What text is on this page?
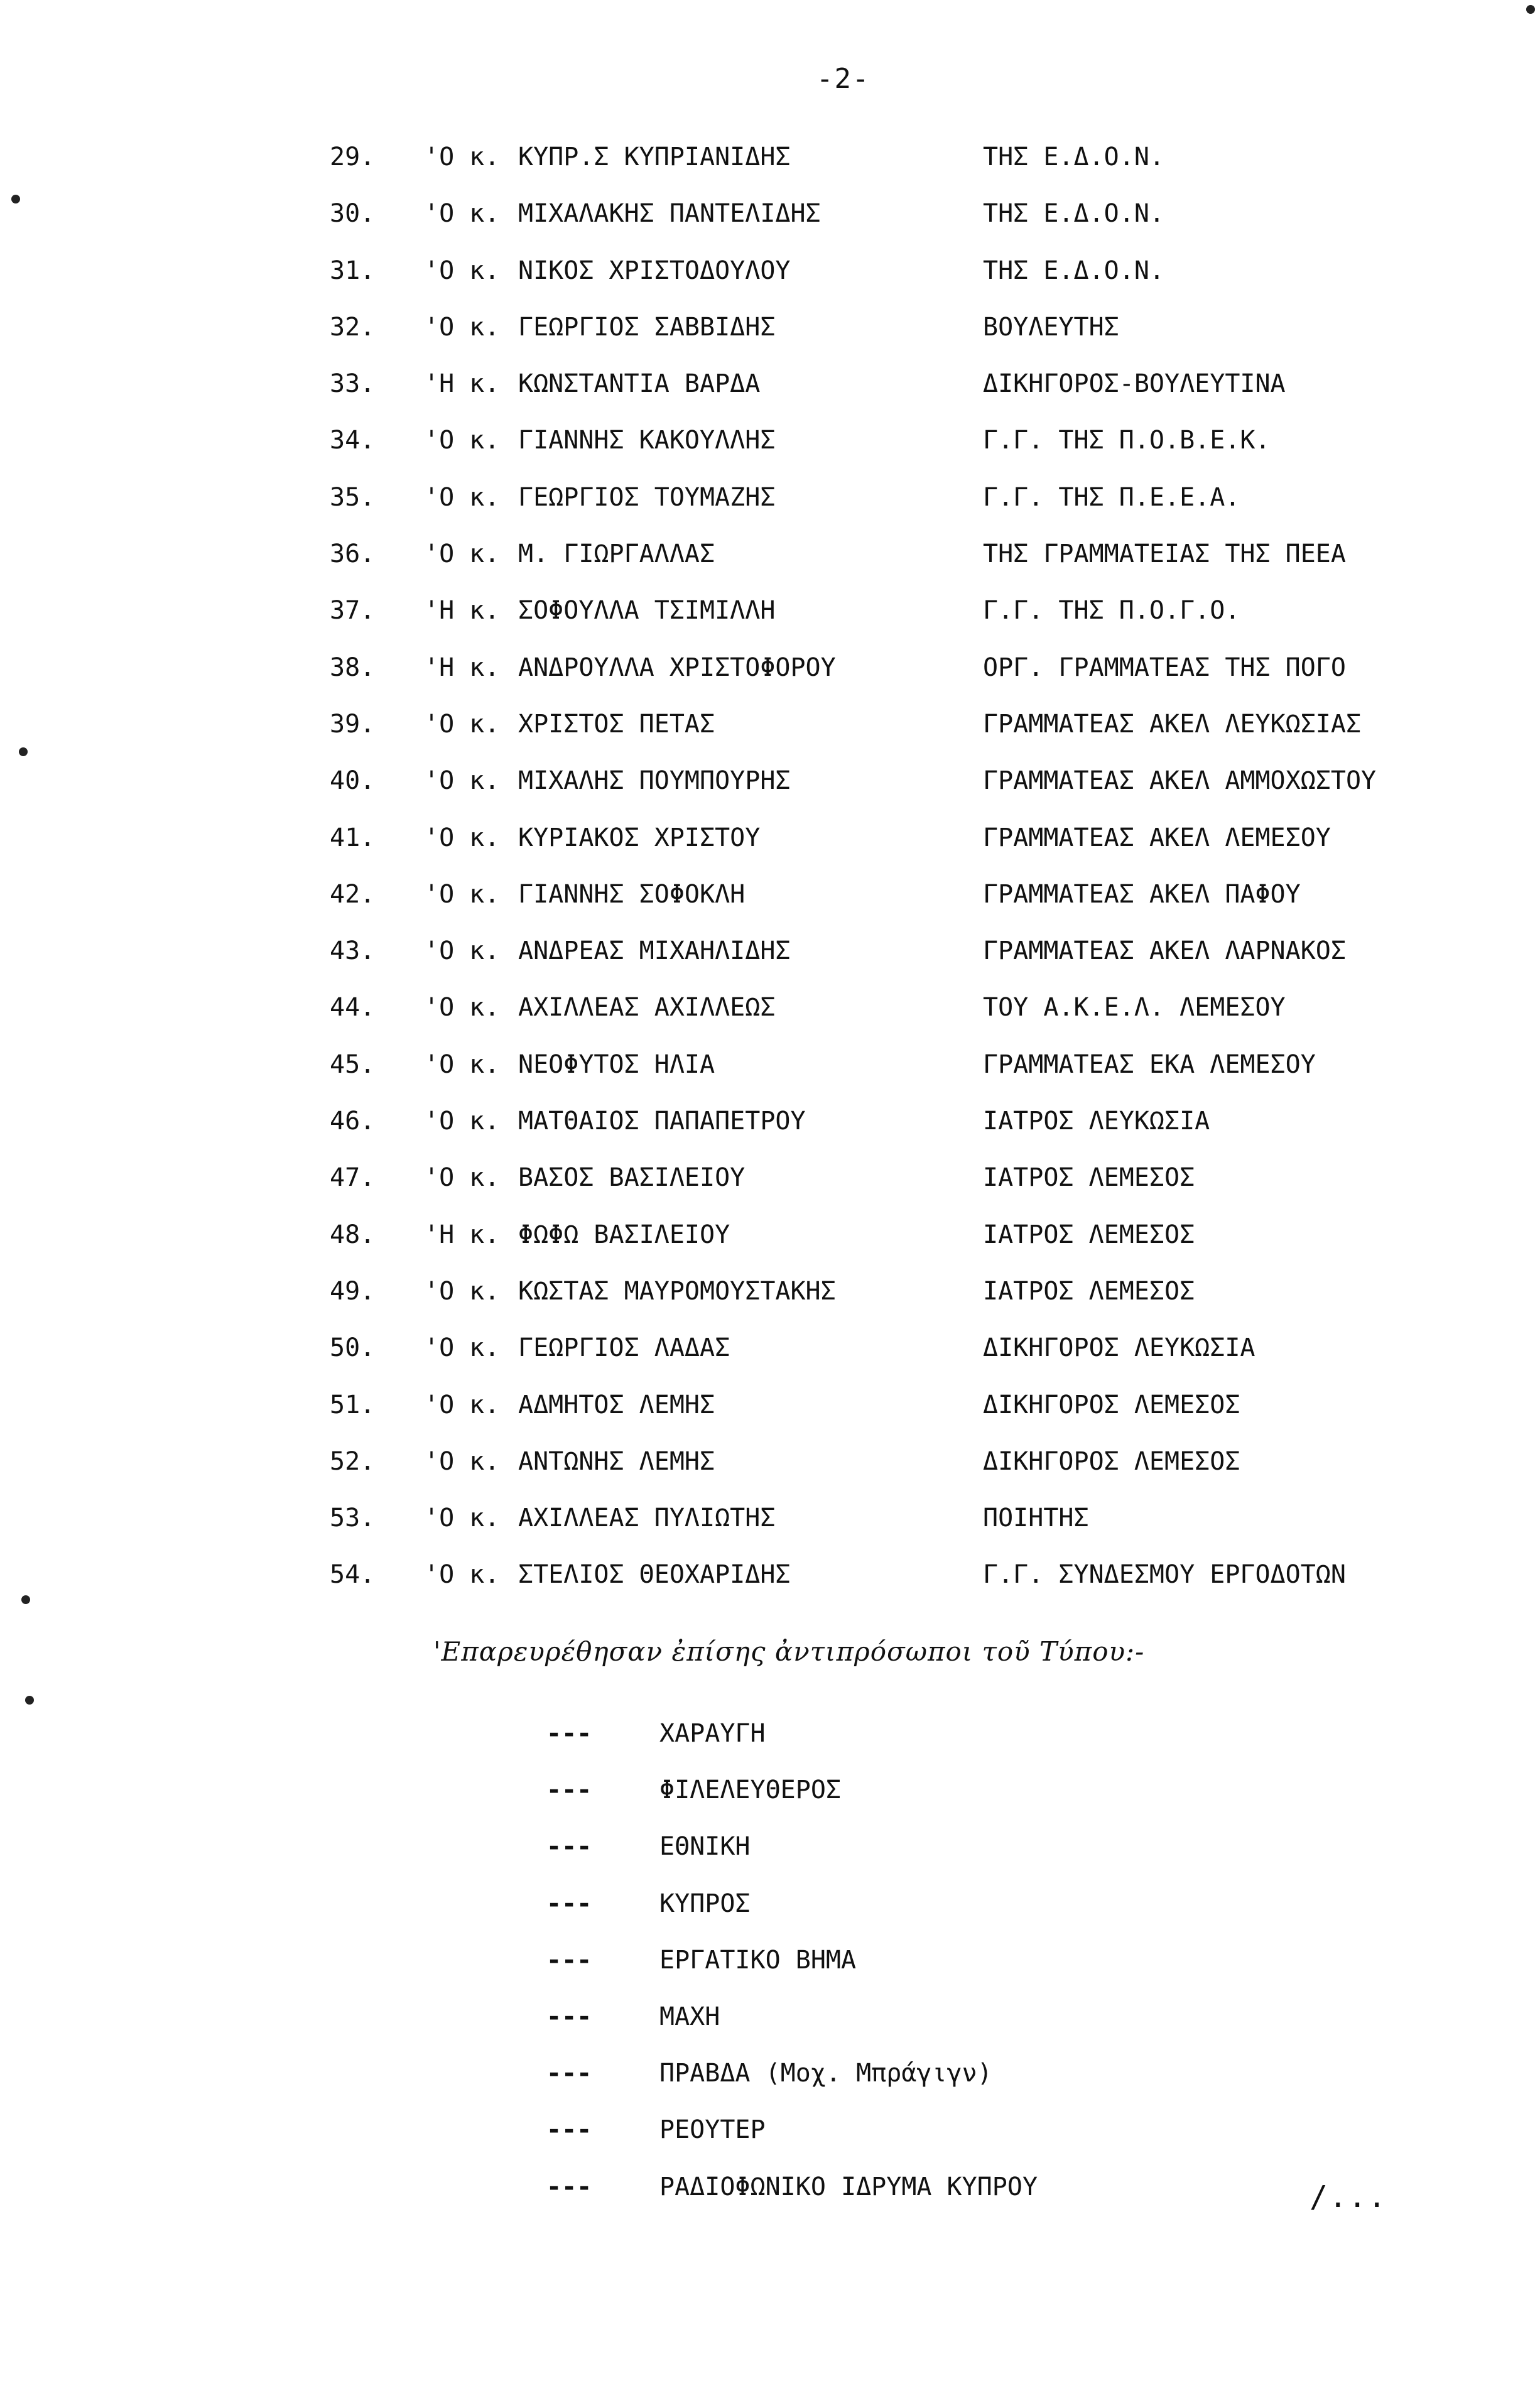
-2-
29.	'Ο κ. ΚΥΠΡ.Σ ΚΥΠΡΙΑΝΙΔΗΣ	ΤΗΣ Ε.Δ.Ο.Ν.
30.	'Ο κ. ΜΙΧΑΛΑΚΗΣ ΠΑΝΤΕΛΙΔΗΣ	ΤΗΣ Ε.Δ.Ο.Ν.
31.	'Ο κ. ΝΙΚΟΣ ΧΡΙΣΤΟΔΟΥΛΟΥ	ΤΗΣ Ε.Δ.Ο.Ν.
32.	'Ο κ. ΓΕΩΡΓΙΟΣ ΣΑΒΒΙΔΗΣ	ΒΟΥΛΕΥΤΗΣ
33.	'Η κ. ΚΩΝΣΤΑΝΤΙΑ ΒΑΡΔΑ	ΔΙΚΗΓΟΡΟΣ-ΒΟΥΛΕΥΤΙΝΑ
34.	'Ο κ. ΓΙΑΝΝΗΣ ΚΑΚΟΥΛΛΗΣ	Γ.Γ. ΤΗΣ Π.Ο.Β.Ε.Κ.
35.	'Ο κ. ΓΕΩΡΓΙΟΣ ΤΟΥΜΑΖΗΣ	Γ.Γ. ΤΗΣ Π.Ε.Ε.Α.
36.	'Ο κ. Μ. ΓΙΩΡΓΑΛΛΑΣ	ΤΗΣ ΓΡΑΜΜΑΤΕΙΑΣ ΤΗΣ ΠΕΕΑ
37.	'Η κ. ΣΟΦΟΥΛΛΑ ΤΣΙΜΙΛΛΗ	Γ.Γ. ΤΗΣ Π.Ο.Γ.Ο.
38.	'Η κ. ΑΝΔΡΟΥΛΛΑ ΧΡΙΣΤΟΦΟΡΟΥ	ΟΡΓ. ΓΡΑΜΜΑΤΕΑΣ ΤΗΣ ΠΟΓΟ
39.	'Ο κ. ΧΡΙΣΤΟΣ ΠΕΤΑΣ	ΓΡΑΜΜΑΤΕΑΣ ΑΚΕΛ ΛΕΥΚΩΣΙΑΣ
40.	'Ο κ. ΜΙΧΑΛΗΣ ΠΟΥΜΠΟΥΡΗΣ	ΓΡΑΜΜΑΤΕΑΣ ΑΚΕΛ ΑΜΜΟΧΩΣΤΟΥ
41.	'Ο κ. ΚΥΡΙΑΚΟΣ ΧΡΙΣΤΟΥ	ΓΡΑΜΜΑΤΕΑΣ ΑΚΕΛ ΛΕΜΕΣΟΥ
42.	'Ο κ. ΓΙΑΝΝΗΣ ΣΟΦΟΚΛΗ	ΓΡΑΜΜΑΤΕΑΣ ΑΚΕΛ ΠΑΦΟΥ
43.	'Ο κ. ΑΝΔΡΕΑΣ ΜΙΧΑΗΛΙΔΗΣ	ΓΡΑΜΜΑΤΕΑΣ ΑΚΕΛ ΛΑΡΝΑΚΟΣ
44.	'Ο κ. ΑΧΙΛΛΕΑΣ ΑΧΙΛΛΕΩΣ	ΤΟΥ Α.Κ.Ε.Λ. ΛΕΜΕΣΟΥ
45.	'Ο κ. ΝΕΟΦΥΤΟΣ ΗΛΙΑ	ΓΡΑΜΜΑΤΕΑΣ ΕΚΑ ΛΕΜΕΣΟΥ
46.	'Ο κ. ΜΑΤΘΑΙΟΣ ΠΑΠΑΠΕΤΡΟΥ	ΙΑΤΡΟΣ ΛΕΥΚΩΣΙΑ
47.	'Ο κ. ΒΑΣΟΣ ΒΑΣΙΛΕΙΟΥ	ΙΑΤΡΟΣ ΛΕΜΕΣΟΣ
48.	'Η κ. ΦΩΦΩ ΒΑΣΙΛΕΙΟΥ	ΙΑΤΡΟΣ ΛΕΜΕΣΟΣ
49.	'Ο κ. ΚΩΣΤΑΣ ΜΑΥΡΟΜΟΥΣΤΑΚΗΣ	ΙΑΤΡΟΣ ΛΕΜΕΣΟΣ
50.	'Ο κ. ΓΕΩΡΓΙΟΣ ΛΑΔΑΣ	ΔΙΚΗΓΟΡΟΣ ΛΕΥΚΩΣΙΑ
51.	'Ο κ. ΑΔΜΗΤΟΣ ΛΕΜΗΣ	ΔΙΚΗΓΟΡΟΣ ΛΕΜΕΣΟΣ
52.	'Ο κ. ΑΝΤΩΝΗΣ ΛΕΜΗΣ	ΔΙΚΗΓΟΡΟΣ ΛΕΜΕΣΟΣ
53.	'Ο κ. ΑΧΙΛΛΕΑΣ ΠΥΛΙΩΤΗΣ	ΠΟΙΗΤΗΣ
54.	'Ο κ. ΣΤΕΛΙΟΣ ΘΕΟΧΑΡΙΔΗΣ	Γ.Γ. ΣΥΝΔΕΣΜΟΥ ΕΡΓΟΔΟΤΩΝ
'Επαρευρέθησαν ἐπίσης ἀντιπρόσωποι τοῦ Τύπου:-
---	ΧΑΡΑΥΓΗ
---	ΦΙΛΕΛΕΥΘΕΡΟΣ
---	ΕΘΝΙΚΗ
---	ΚΥΠΡΟΣ
---	ΕΡΓΑΤΙΚΟ ΒΗΜΑ
---	ΜΑΧΗ
---	ΠΡΑΒΔΑ (Μοχ. Μπράγιγν)
---	ΡΕΟΥΤΕΡ
---	ΡΑΔΙΟΦΩΝΙΚΟ ΙΔΡΥΜΑ ΚΥΠΡΟΥ	/...
